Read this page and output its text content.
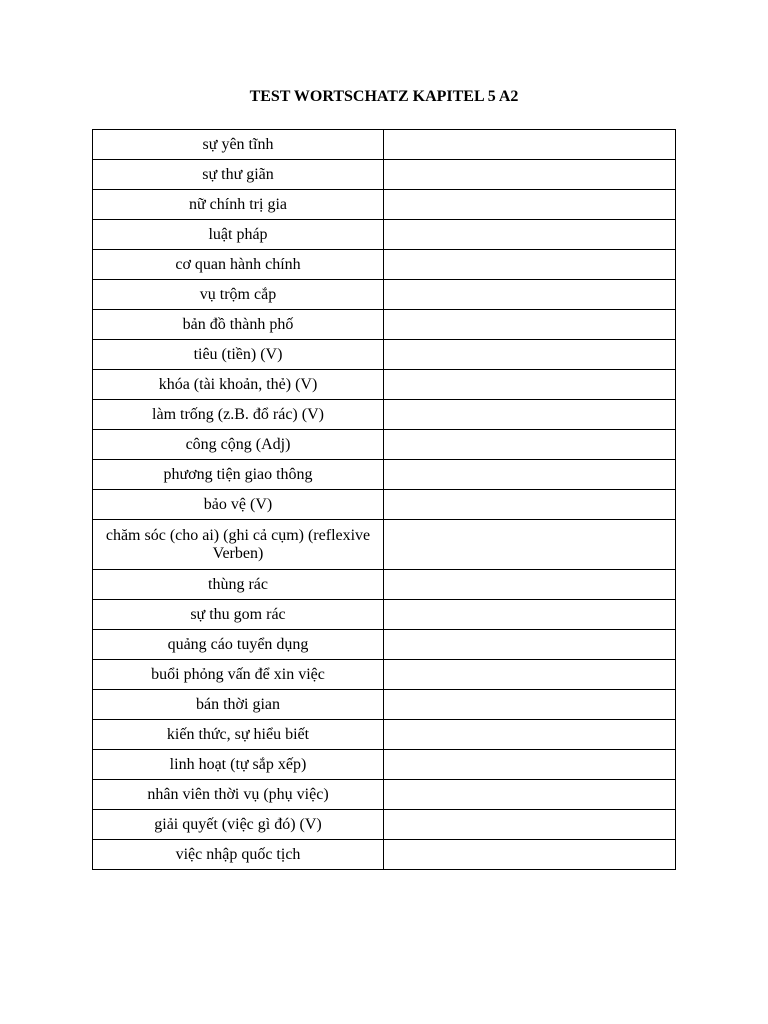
TEST WORTSCHATZ KAPITEL 5 A2
sự yên tĩnh	
sự thư giãn	
nữ chính trị gia	
luật pháp	
cơ quan hành chính	
vụ trộm cắp	
bản đồ thành phố	
tiêu (tiền) (V)	
khóa (tài khoản, thẻ) (V)	
làm trống (z.B. đổ rác) (V)	
công cộng (Adj)	
phương tiện giao thông	
bảo vệ (V)	
chăm sóc (cho ai) (ghi cả cụm) (reflexive Verben)	
thùng rác	
sự thu gom rác	
quảng cáo tuyển dụng	
buổi phỏng vấn để xin việc	
bán thời gian	
kiến thức, sự hiểu biết	
linh hoạt (tự sắp xếp)	
nhân viên thời vụ (phụ việc)	
giải quyết (việc gì đó) (V)	
việc nhập quốc tịch	
